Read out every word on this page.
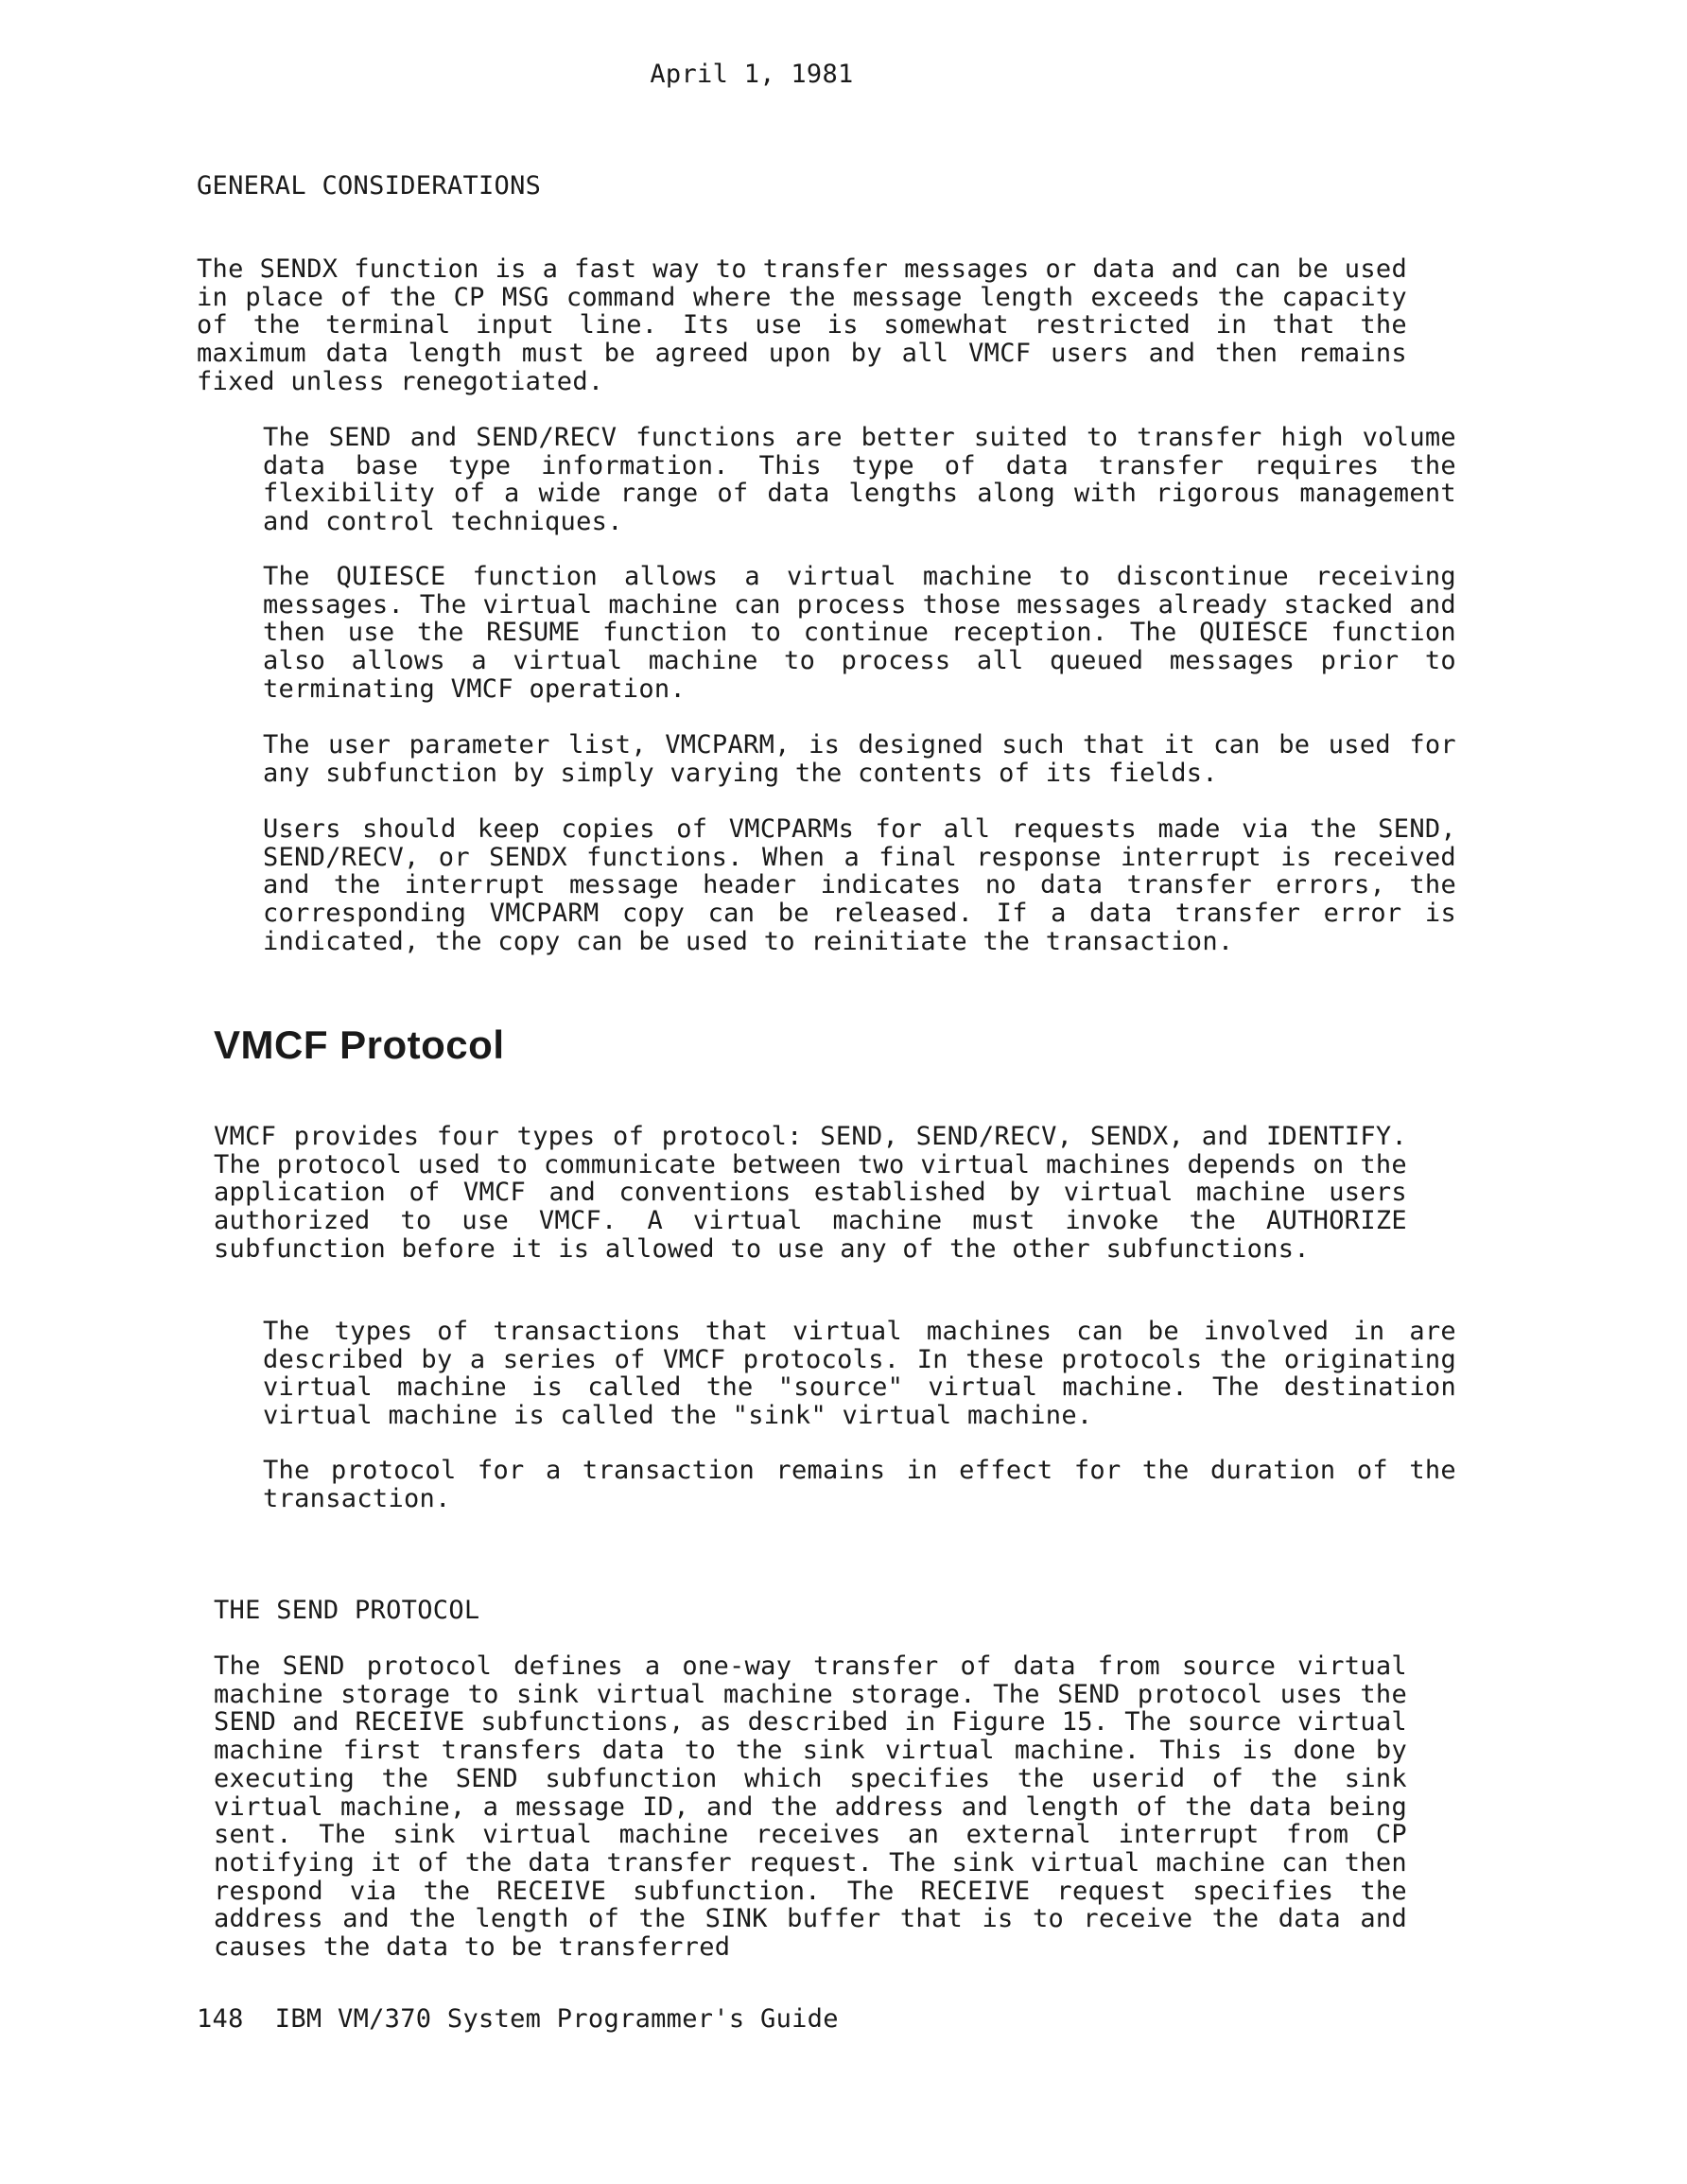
April 1, 1981
GENERAL CONSIDERATIONS

The SENDX function is a fast way to transfer messages or data and can be used in place of the CP MSG command where the message length exceeds the capacity of the terminal input line. Its use is somewhat restricted in that the maximum data length must be agreed upon by all VMCF users and then remains fixed unless renegotiated.

The SEND and SEND/RECV functions are better suited to transfer high volume data base type information. This type of data transfer requires the flexibility of a wide range of data lengths along with rigorous management and control techniques.

The QUIESCE function allows a virtual machine to discontinue receiving messages. The virtual machine can process those messages already stacked and then use the RESUME function to continue reception. The QUIESCE function also allows a virtual machine to process all queued messages prior to terminating VMCF operation.

The user parameter list, VMCPARM, is designed such that it can be used for any subfunction by simply varying the contents of its fields.

Users should keep copies of VMCPARMs for all requests made via the SEND, SEND/RECV, or SENDX functions. When a final response interrupt is received and the interrupt message header indicates no data transfer errors, the corresponding VMCPARM copy can be released. If a data transfer error is indicated, the copy can be used to reinitiate the transaction.

VMCF Protocol

VMCF provides four types of protocol: SEND, SEND/RECV, SENDX, and IDENTIFY. The protocol used to communicate between two virtual machines depends on the application of VMCF and conventions established by virtual machine users authorized to use VMCF. A virtual machine must invoke the AUTHORIZE subfunction before it is allowed to use any of the other subfunctions.

The types of transactions that virtual machines can be involved in are described by a series of VMCF protocols. In these protocols the originating virtual machine is called the "source" virtual machine. The destination virtual machine is called the "sink" virtual machine.

The protocol for a transaction remains in effect for the duration of the transaction.

THE SEND PROTOCOL

The SEND protocol defines a one-way transfer of data from source virtual machine storage to sink virtual machine storage. The SEND protocol uses the SEND and RECEIVE subfunctions, as described in Figure 15. The source virtual machine first transfers data to the sink virtual machine. This is done by executing the SEND subfunction which specifies the userid of the sink virtual machine, a message ID, and the address and length of the data being sent. The sink virtual machine receives an external interrupt from CP notifying it of the data transfer request. The sink virtual machine can then respond via the RECEIVE subfunction. The RECEIVE request specifies the address and the length of the SINK buffer that is to receive the data and causes the data to be transferred

148 IBM VM/370 System Programmer's Guide
